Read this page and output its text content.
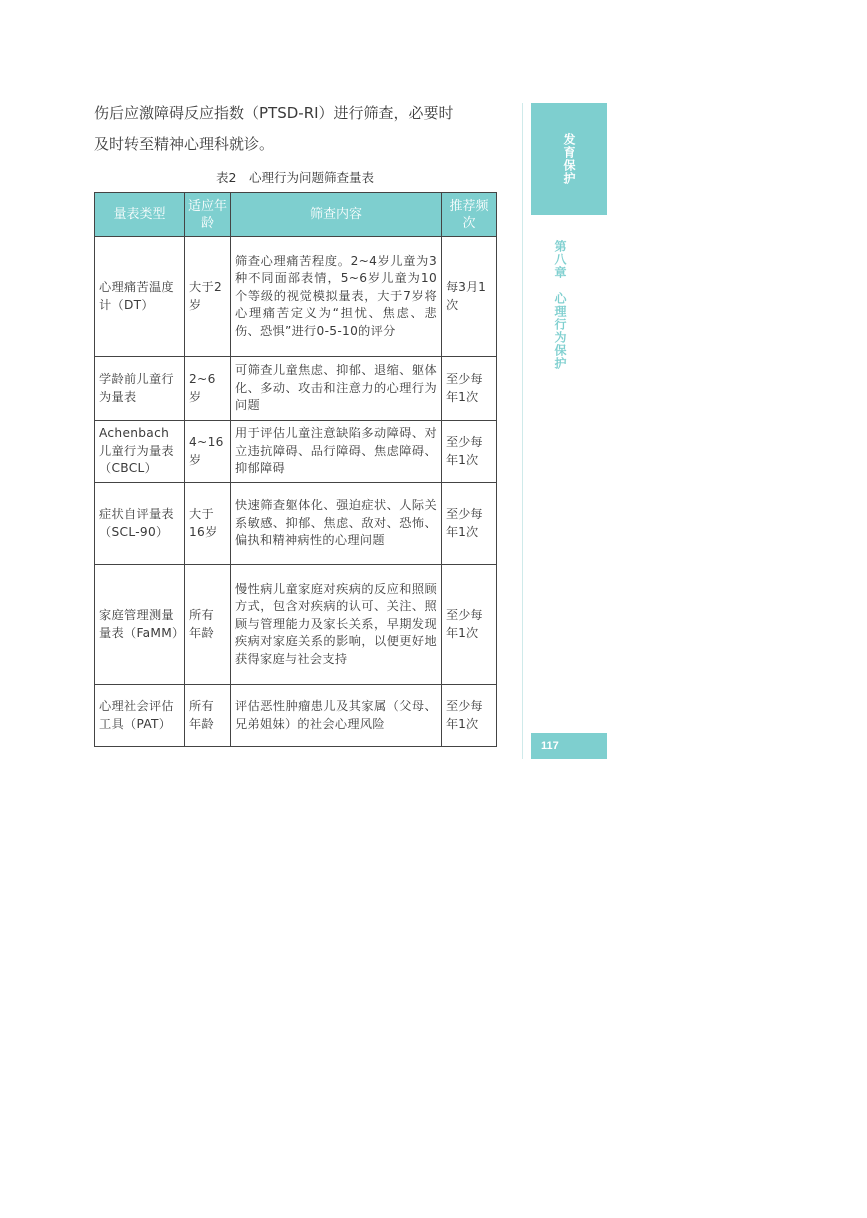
伤后应激障碍反应指数（PTSD-RI）进行筛查，必要时

及时转至精神心理科就诊。

表2　心理行为问题筛查量表
量表类型	适应年龄	筛查内容	推荐频次
心理痛苦温度计（DT）	大于2岁	筛查心理痛苦程度。2~4岁儿童为3种不同面部表情，5~6岁儿童为10个等级的视觉模拟量表，大于7岁将心理痛苦定义为“担忧、焦虑、悲伤、恐惧”进行0-5-10的评分	每3月1次
学龄前儿童行为量表	2~6岁	可筛查儿童焦虑、抑郁、退缩、躯体化、多动、攻击和注意力的心理行为问题	至少每年1次
Achenbach儿童行为量表（CBCL）	4~16岁	用于评估儿童注意缺陷多动障碍、对立违抗障碍、品行障碍、焦虑障碍、抑郁障碍	至少每年1次
症状自评量表（SCL-90）	大于16岁	快速筛查躯体化、强迫症状、人际关系敏感、抑郁、焦虑、敌对、恐怖、偏执和精神病性的心理问题	至少每年1次
家庭管理测量量表（FaMM）	所有年龄	慢性病儿童家庭对疾病的反应和照顾方式，包含对疾病的认可、关注、照顾与管理能力及家长关系，早期发现疾病对家庭关系的影响，以便更好地获得家庭与社会支持	至少每年1次
心理社会评估工具（PAT）	所有年龄	评估恶性肿瘤患儿及其家属（父母、兄弟姐妹）的社会心理风险	至少每年1次
发育保护
第八章　心理行为保护
117
